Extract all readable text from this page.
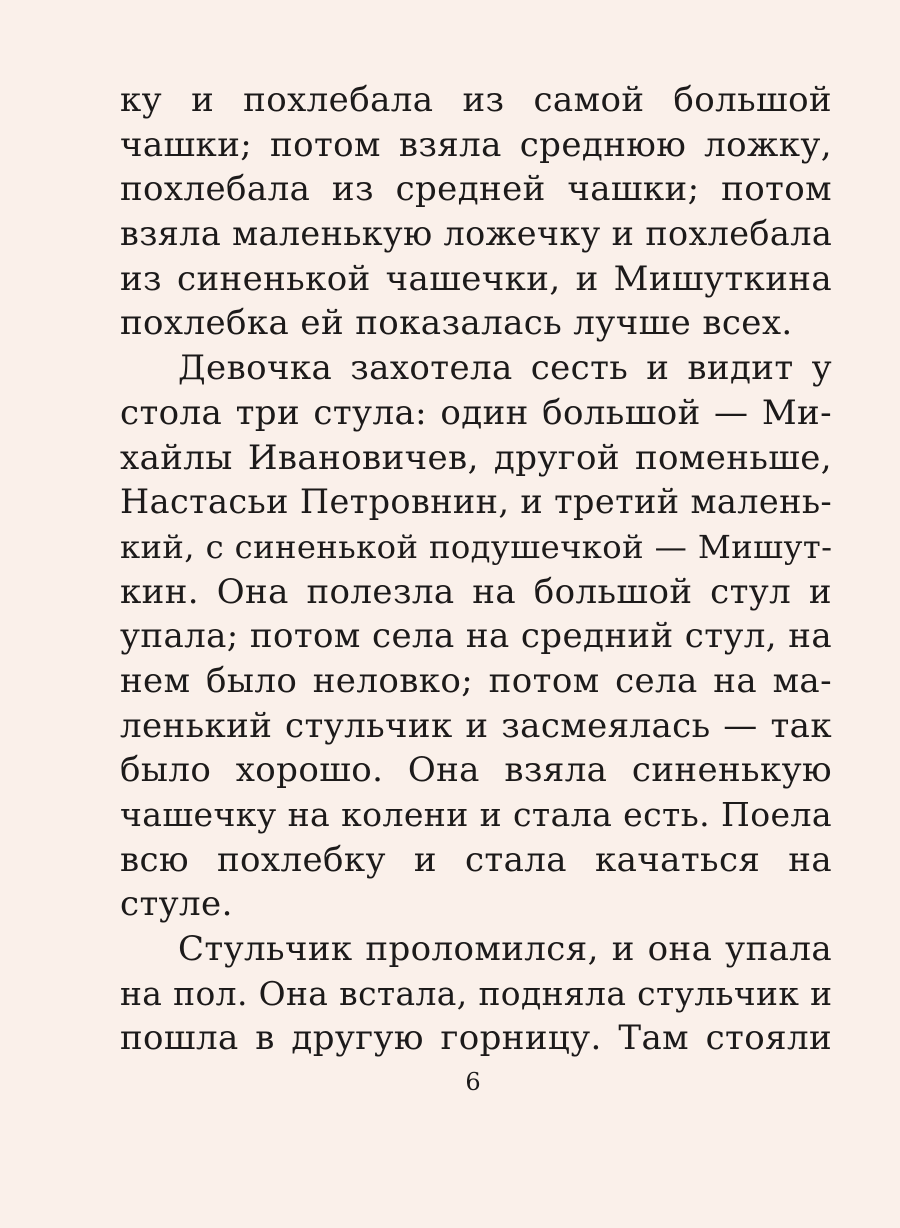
ку и похлебала из самой большой
чашки; потом взяла среднюю ложку,
похлебала из средней чашки; потом
взяла маленькую ложечку и похлебала
из синенькой чашечки, и Мишуткина
похлебка ей показалась лучше всех.
Девочка захотела сесть и видит у
стола три стула: один большой — Ми-
хайлы Ивановичев, другой поменьше,
Настасьи Петровнин, и третий малень-
кий, с синенькой подушечкой — Мишут-
кин. Она полезла на большой стул и
упала; потом села на средний стул, на
нем было неловко; потом села на ма-
ленький стульчик и засмеялась — так
было хорошо. Она взяла синенькую
чашечку на колени и стала есть. Поела
всю похлебку и стала качаться на
стуле.
Стульчик проломился, и она упала
на пол. Она встала, подняла стульчик и
пошла в другую горницу. Там стояли
6
